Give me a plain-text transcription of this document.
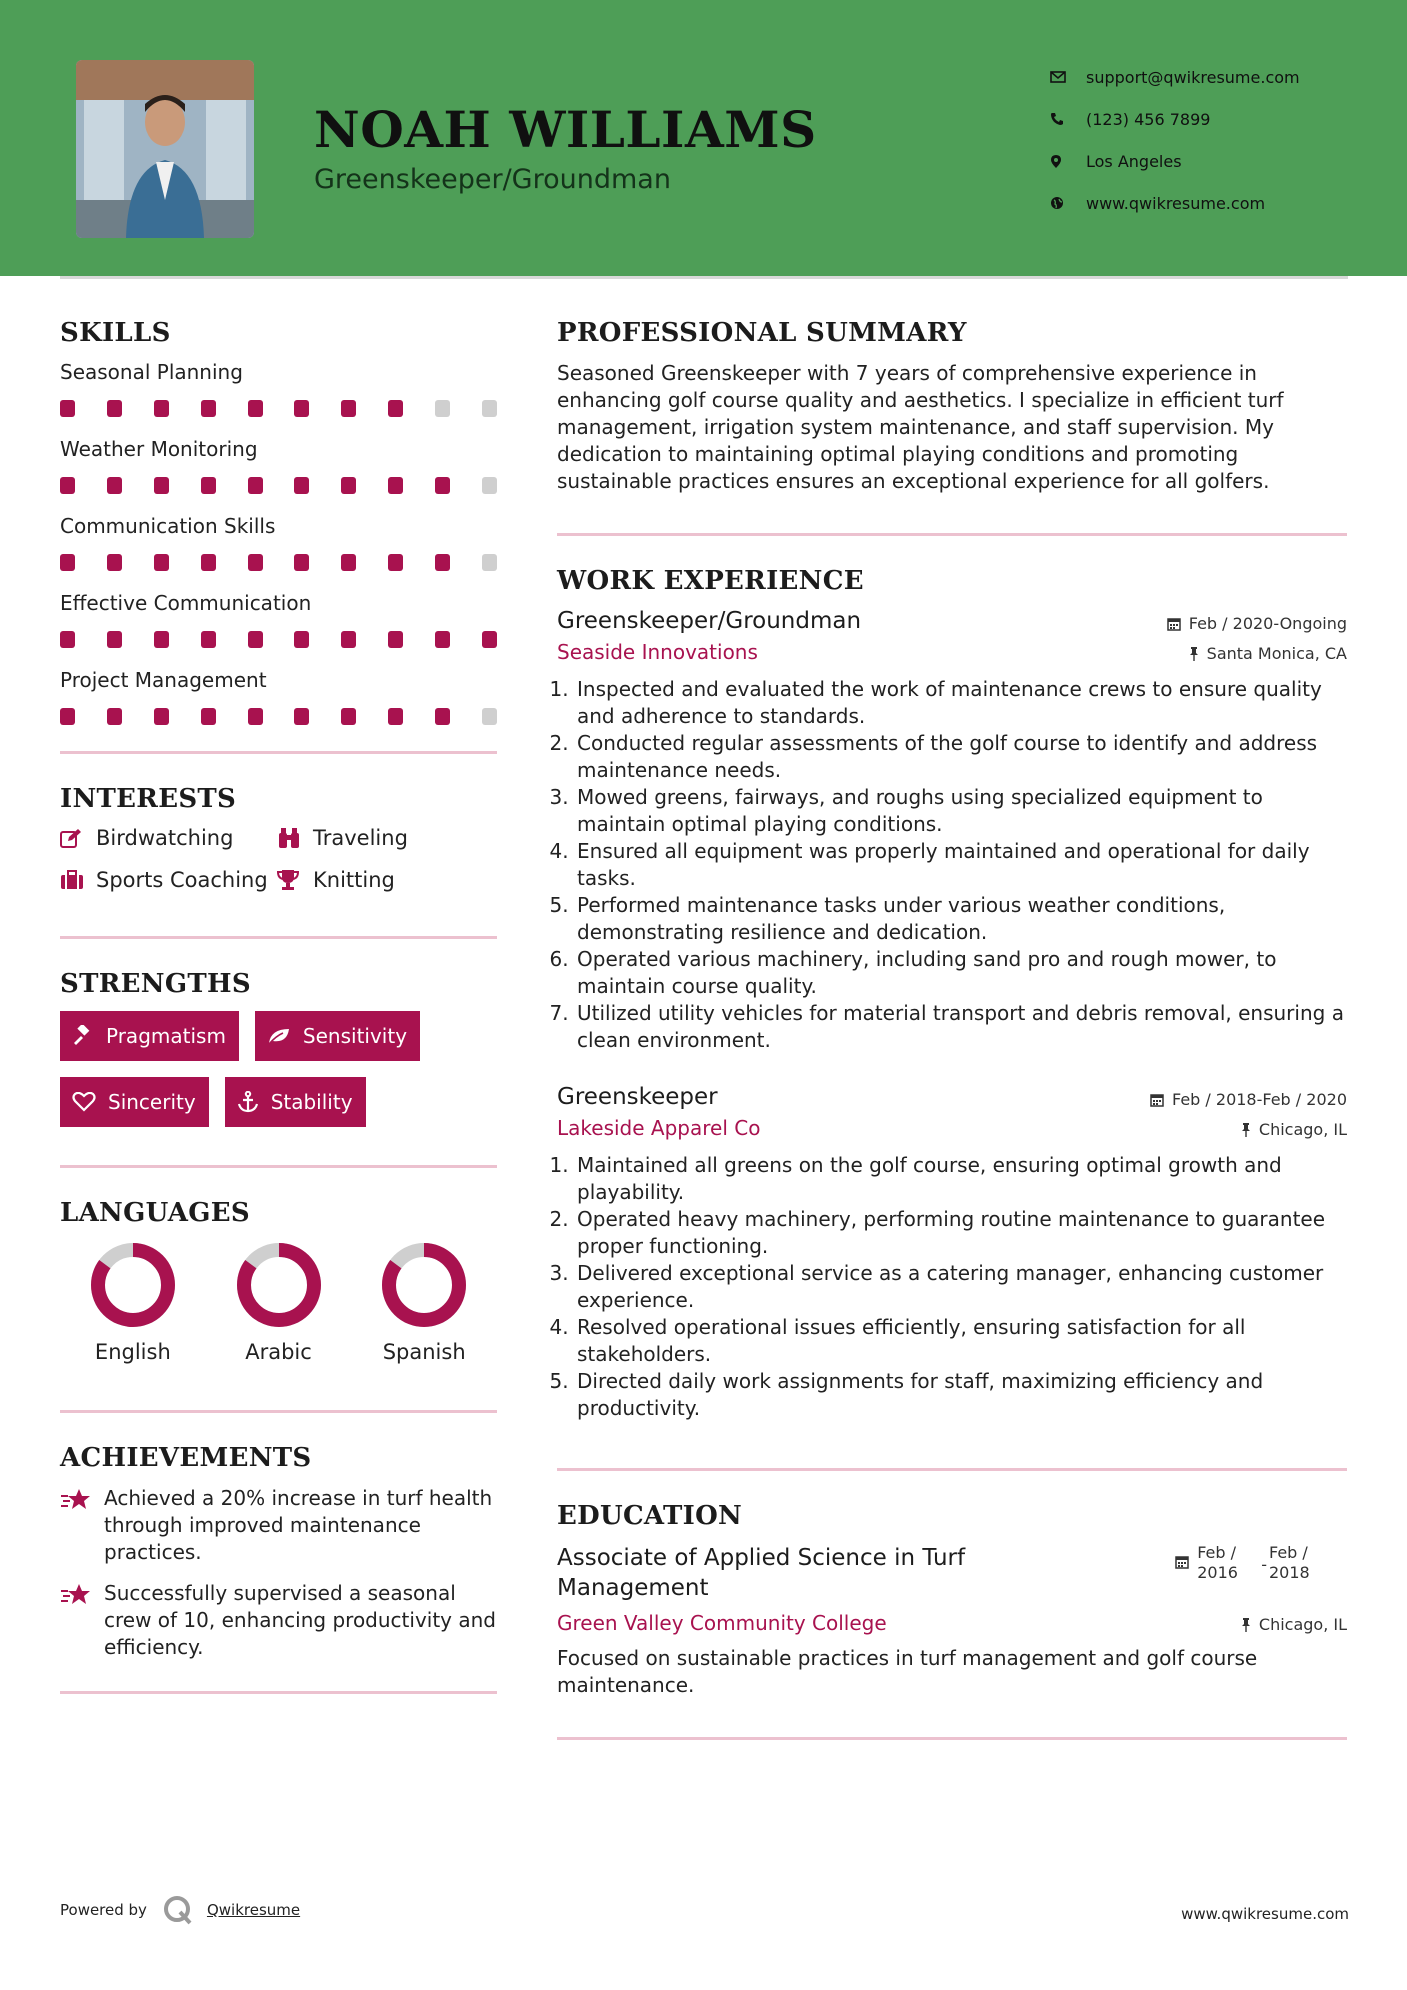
NOAH WILLIAMS
Greenskeeper/Groundman
support@qwikresume.com
(123) 456 7899
Los Angeles
www.qwikresume.com
SKILLS
Seasonal Planning
Weather Monitoring
Communication Skills
Effective Communication
Project Management
INTERESTS
Birdwatching	Traveling
Sports Coaching Knitting
STRENGTHS
Pragmatism	Sensitivity
Sincerity	Stability
LANGUAGES
English	Arabic	Spanish
ACHIEVEMENTS
Achieved a 20% increase in turf health through improved maintenance practices.
Successfully supervised a seasonal crew of 10, enhancing productivity and efficiency.
PROFESSIONAL SUMMARY

Seasoned Greenskeeper with 7 years of comprehensive experience in enhancing golf course quality and aesthetics. I specialize in efficient turf management, irrigation system maintenance, and staff supervision. My dedication to maintaining optimal playing conditions and promoting sustainable practices ensures an exceptional experience for all golfers.

WORK EXPERIENCE
Greenskeeper/Groundman	Feb / 2020-Ongoing
Seaside Innovations	Santa Monica, CA
1. Inspected and evaluated the work of maintenance crews to ensure quality and adherence to standards.
2. Conducted regular assessments of the golf course to identify and address maintenance needs.
3. Mowed greens, fairways, and roughs using specialized equipment to maintain optimal playing conditions.
4. Ensured all equipment was properly maintained and operational for daily tasks.
5. Performed maintenance tasks under various weather conditions, demonstrating resilience and dedication.
6. Operated various machinery, including sand pro and rough mower, to maintain course quality.
7. Utilized utility vehicles for material transport and debris removal, ensuring a clean environment.
Greenskeeper	Feb / 2018-Feb / 2020
Lakeside Apparel Co	Chicago, IL
1. Maintained all greens on the golf course, ensuring optimal growth and playability.
2. Operated heavy machinery, performing routine maintenance to guarantee proper functioning.
3. Delivered exceptional service as a catering manager, enhancing customer experience.
4. Resolved operational issues efficiently, ensuring satisfaction for all stakeholders.
5. Directed daily work assignments for staff, maximizing efficiency and productivity.
EDUCATION
Associate of Applied Science in Turf Management
Feb / 2016 -
Feb / 2018
Green Valley Community College	Chicago, IL

Focused on sustainable practices in turf management and golf course maintenance.

Powered by	Qwikresume	www.qwikresume.com
